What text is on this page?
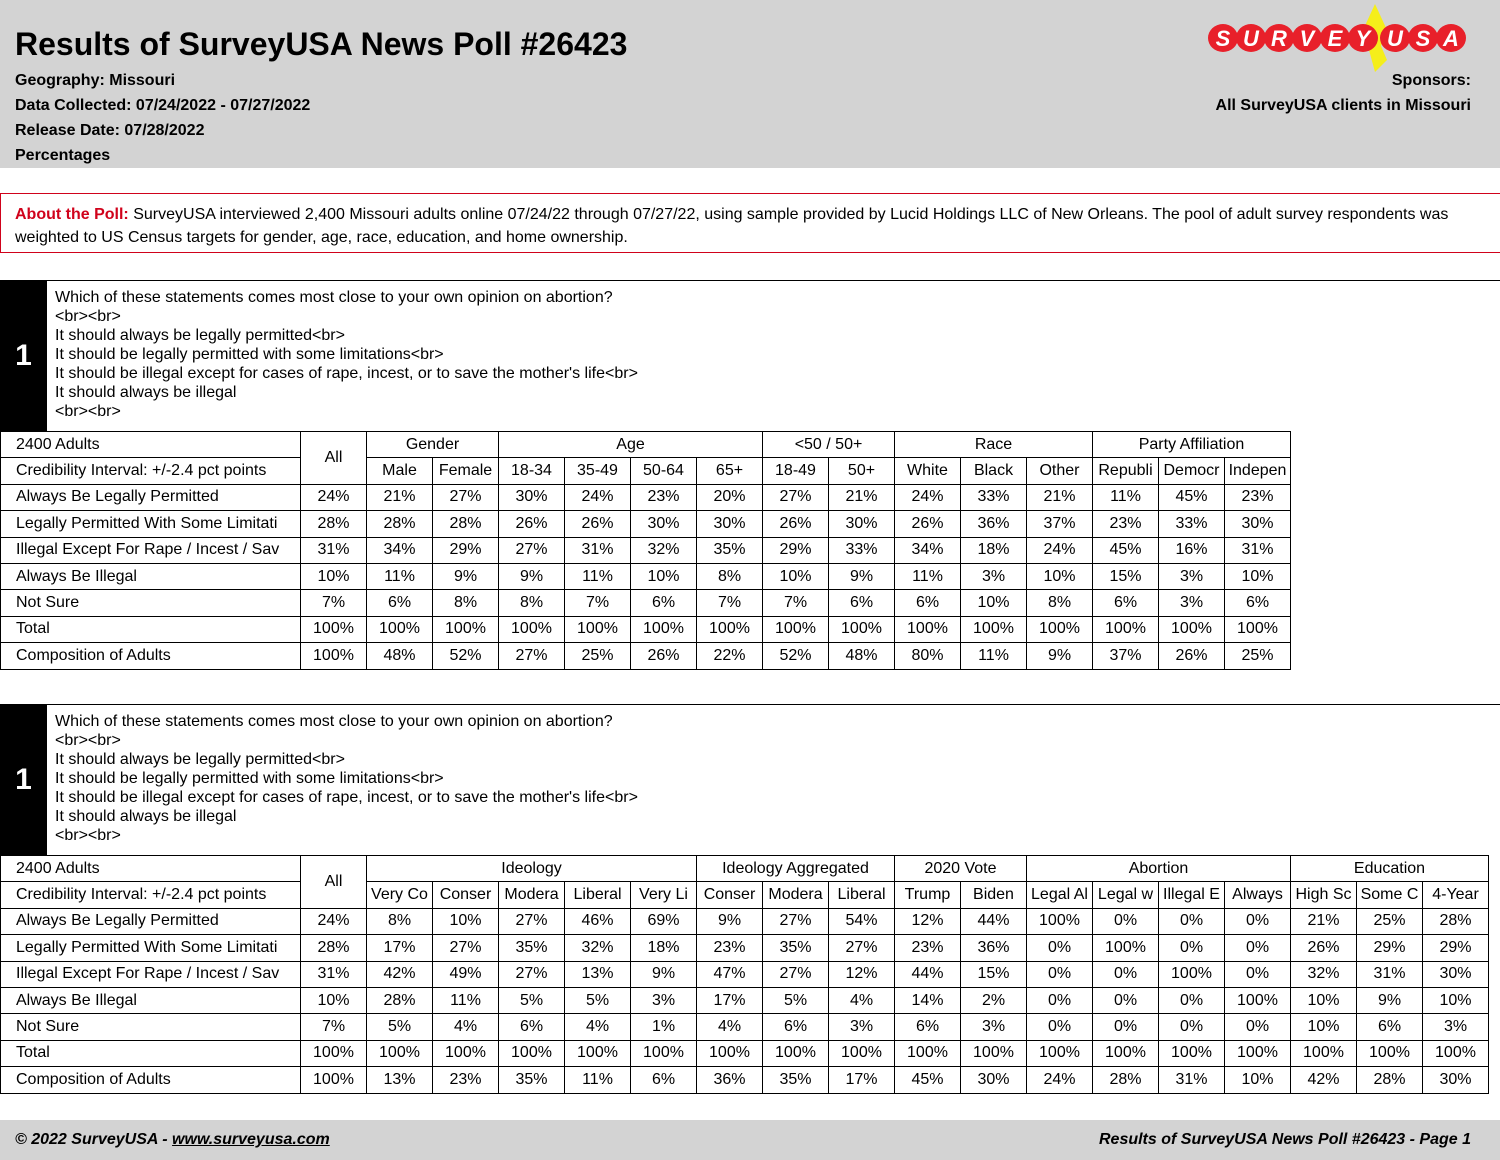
Results of SurveyUSA News Poll #26423
Geography: Missouri
Data Collected: 07/24/2022 - 07/27/2022
Release Date: 07/28/2022
Percentages
Sponsors:
All SurveyUSA clients in Missouri
S U R V E Y U S A
About the Poll: SurveyUSA interviewed 2,400 Missouri adults online 07/24/22 through 07/27/22, using sample provided by Lucid Holdings LLC of New Orleans. The pool of adult survey respondents was weighted to US Census targets for gender, age, race, education, and home ownership.
1
Which of these statements comes most close to your own opinion on abortion?
<br><br>
It should always be legally permitted<br>
It should be legally permitted with some limitations<br>
It should be illegal except for cases of rape, incest, or to save the mother's life<br>
It should always be illegal
<br><br>
2400 Adults	All	Gender		Age				<50 / 50+		Race			Party Affiliation		
Credibility Interval: +/-2.4 pct points		Male	Female	18-34	35-49	50-64	65+	18-49	50+	White	Black	Other	Republi	Democr	Indepen
Always Be Legally Permitted	24%	21%	27%	30%	24%	23%	20%	27%	21%	24%	33%	21%	11%	45%	23%
Legally Permitted With Some Limitati	28%	28%	28%	26%	26%	30%	30%	26%	30%	26%	36%	37%	23%	33%	30%
Illegal Except For Rape / Incest / Sav	31%	34%	29%	27%	31%	32%	35%	29%	33%	34%	18%	24%	45%	16%	31%
Always Be Illegal	10%	11%	9%	9%	11%	10%	8%	10%	9%	11%	3%	10%	15%	3%	10%
Not Sure	7%	6%	8%	8%	7%	6%	7%	7%	6%	6%	10%	8%	6%	3%	6%
Total	100%	100%	100%	100%	100%	100%	100%	100%	100%	100%	100%	100%	100%	100%	100%
Composition of Adults	100%	48%	52%	27%	25%	26%	22%	52%	48%	80%	11%	9%	37%	26%	25%
1
Which of these statements comes most close to your own opinion on abortion?
<br><br>
It should always be legally permitted<br>
It should be legally permitted with some limitations<br>
It should be illegal except for cases of rape, incest, or to save the mother's life<br>
It should always be illegal
<br><br>
2400 Adults	All	Ideology					Ideology Aggregated			2020 Vote		Abortion				Education		
Credibility Interval: +/-2.4 pct points		Very Co	Conser	Modera	Liberal	Very Li	Conser	Modera	Liberal	Trump	Biden	Legal Al	Legal w	Illegal E	Always	High Sc	Some C	4-Year
Always Be Legally Permitted	24%	8%	10%	27%	46%	69%	9%	27%	54%	12%	44%	100%	0%	0%	0%	21%	25%	28%
Legally Permitted With Some Limitati	28%	17%	27%	35%	32%	18%	23%	35%	27%	23%	36%	0%	100%	0%	0%	26%	29%	29%
Illegal Except For Rape / Incest / Sav	31%	42%	49%	27%	13%	9%	47%	27%	12%	44%	15%	0%	0%	100%	0%	32%	31%	30%
Always Be Illegal	10%	28%	11%	5%	5%	3%	17%	5%	4%	14%	2%	0%	0%	0%	100%	10%	9%	10%
Not Sure	7%	5%	4%	6%	4%	1%	4%	6%	3%	6%	3%	0%	0%	0%	0%	10%	6%	3%
Total	100%	100%	100%	100%	100%	100%	100%	100%	100%	100%	100%	100%	100%	100%	100%	100%	100%	100%
Composition of Adults	100%	13%	23%	35%	11%	6%	36%	35%	17%	45%	30%	24%	28%	31%	10%	42%	28%	30%
© 2022 SurveyUSA - www.surveyusa.com	Results of SurveyUSA News Poll #26423 - Page 1
